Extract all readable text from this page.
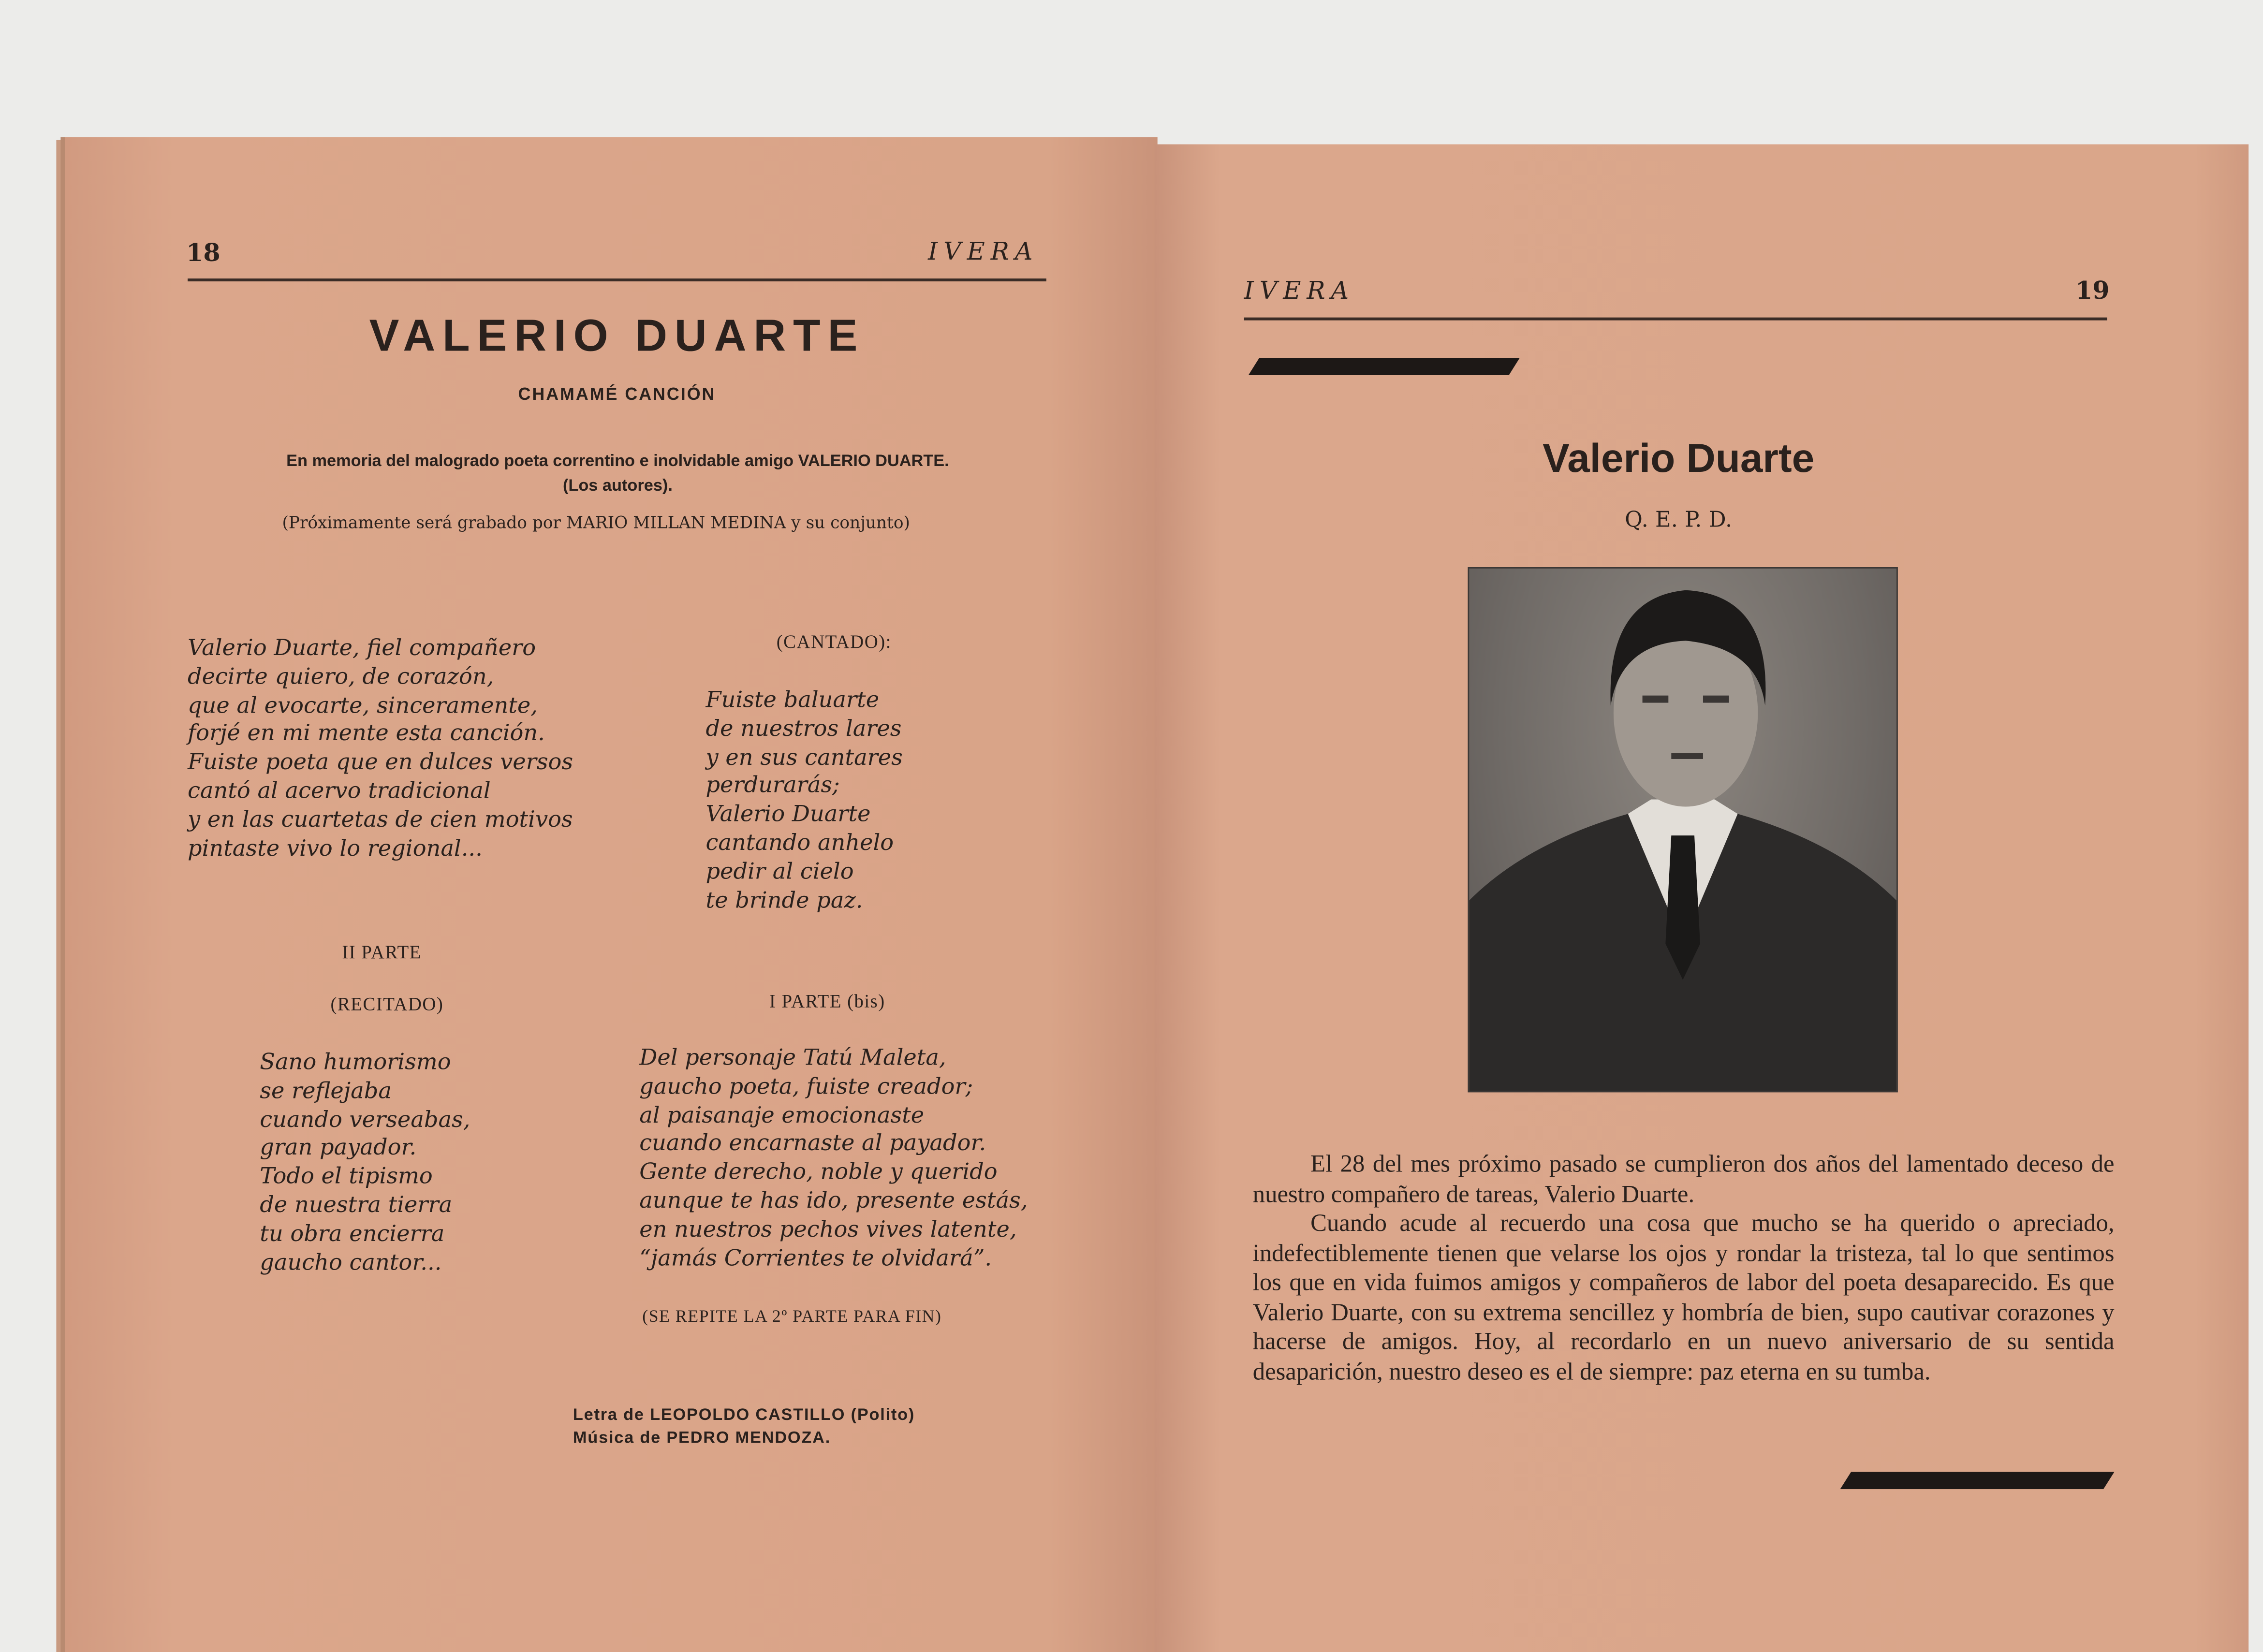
18	IVERA
VALERIO DUARTE
CHAMAMÉ CANCIÓN
En memoria del malogrado poeta correntino e inolvidable amigo VALERIO DUARTE.
(Los autores).
(Próximamente será grabado por MARIO MILLAN MEDINA y su conjunto)
Valerio Duarte, fiel compañero
decirte quiero, de corazón,
que al evocarte, sinceramente,
forjé en mi mente esta canción.
Fuiste poeta que en dulces versos
cantó al acervo tradicional
y en las cuartetas de cien motivos
pintaste vivo lo regional...
(CANTADO):
Fuiste baluarte
de nuestros lares
y en sus cantares
perdurarás;
Valerio Duarte
cantando anhelo
pedir al cielo
te brinde paz.
II PARTE
(RECITADO)	I PARTE (bis)
Sano humorismo
se reflejaba
cuando verseabas,
gran payador.
Todo el tipismo
de nuestra tierra
tu obra encierra
gaucho cantor...
Del personaje Tatú Maleta,
gaucho poeta, fuiste creador;
al paisanaje emocionaste
cuando encarnaste al payador.
Gente derecho, noble y querido
aunque te has ido, presente estás,
en nuestros pechos vives latente,
“jamás Corrientes te olvidará”.
(SE REPITE LA 2º PARTE PARA FIN)
Letra de LEOPOLDO CASTILLO (Polito)
Música de PEDRO MENDOZA.
IVERA	19
Valerio Duarte
Q. E. P. D.

El 28 del mes próximo pasado se cumplieron dos años del lamentado deceso de nuestro compañero de tareas, Valerio Duarte.

Cuando acude al recuerdo una cosa que mucho se ha querido o apreciado, indefectiblemente tienen que velarse los ojos y rondar la tristeza, tal lo que sentimos los que en vida fuimos amigos y compañeros de labor del poeta desaparecido. Es que Valerio Duarte, con su extrema sencillez y hombría de bien, supo cautivar corazones y hacerse de amigos. Hoy, al recordarlo en un nuevo aniversario de su sentida desaparición, nuestro deseo es el de siempre: paz eterna en su tumba.
